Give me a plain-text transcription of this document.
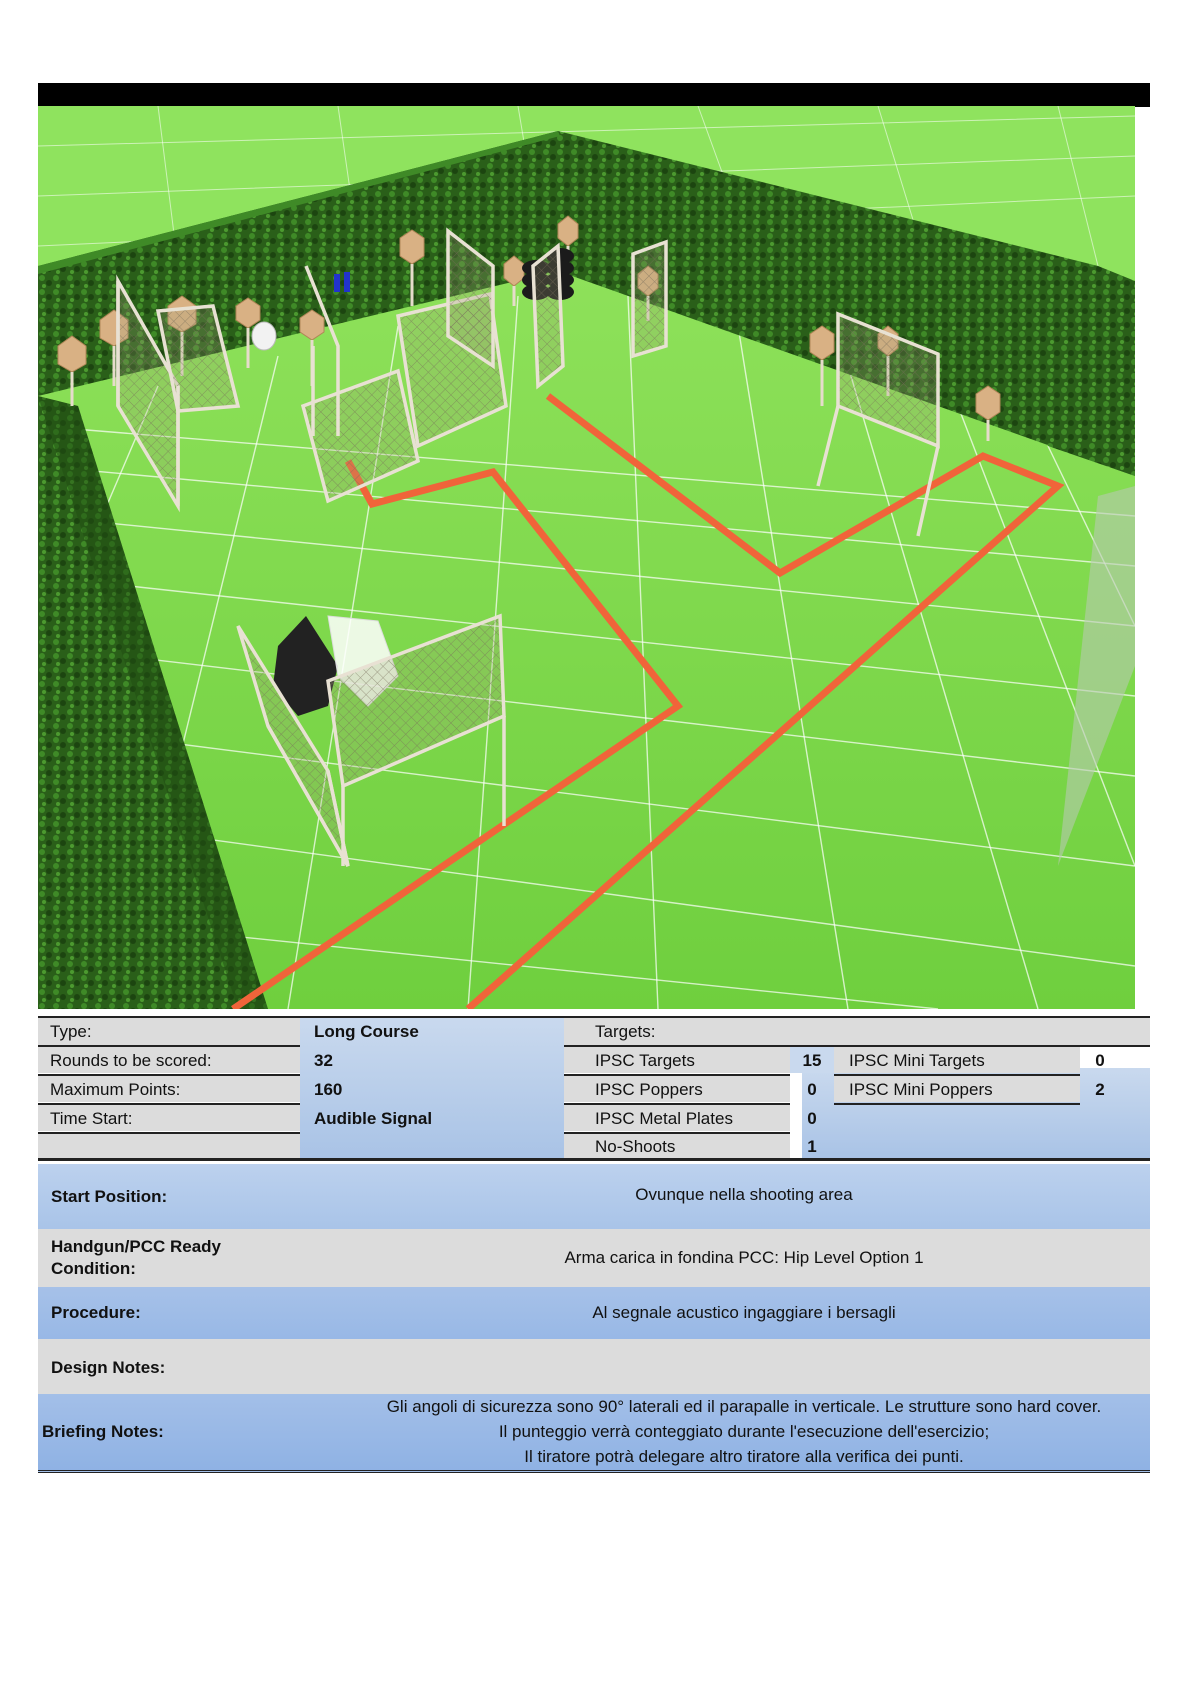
Type:
Rounds to be scored:
Maximum Points:
Time Start:
Long Course
32
160
Audible Signal
Targets:
IPSC Targets
IPSC Poppers
IPSC Metal Plates
No-Shoots
15
0
0
1
IPSC Mini Targets
IPSC Mini Poppers
0
2
Start Position:	Ovunque nella shooting area
Handgun/PCC Ready Condition:
Arma carica in fondina PCC: Hip Level Option 1
Procedure:	Al segnale acustico ingaggiare i bersagli
Design Notes:
Briefing Notes:
Gli angoli di sicurezza sono 90° laterali ed il parapalle in verticale. Le strutture sono hard cover.
Il punteggio verrà conteggiato durante l'esecuzione dell'esercizio;
Il tiratore potrà delegare altro tiratore alla verifica dei punti.
